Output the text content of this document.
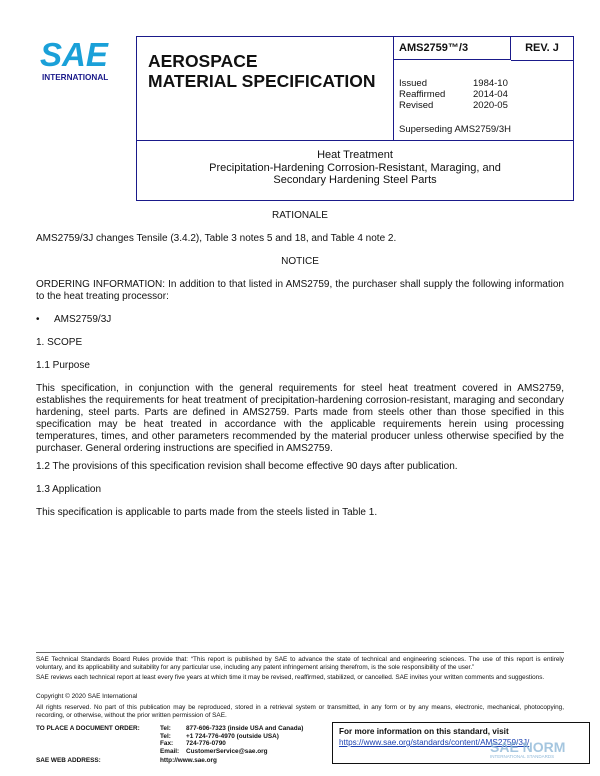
SAE
INTERNATIONAL
AEROSPACE
MATERIAL SPECIFICATION
AMS2759™/3	REV. J
Issued	1984-10
Reaffirmed	2014-04
Revised	2020-05
Superseding AMS2759/3H
Heat Treatment
Precipitation-Hardening Corrosion-Resistant, Maraging, and
Secondary Hardening Steel Parts
RATIONALE
AMS2759/3J changes Tensile (3.4.2), Table 3 notes 5 and 18, and Table 4 note 2.
NOTICE
ORDERING INFORMATION: In addition to that listed in AMS2759, the purchaser shall supply the following information to the heat treating processor:
• AMS2759/3J
1. SCOPE
1.1 Purpose
This specification, in conjunction with the general requirements for steel heat treatment covered in AMS2759, establishes the requirements for heat treatment of precipitation-hardening corrosion-resistant, maraging and secondary hardening, steel parts. Parts are defined in AMS2759. Parts made from steels other than those specified in this specification may be heat treated in accordance with the applicable requirements herein using processing temperatures, times, and other parameters recommended by the material producer unless otherwise specified by the purchaser. General ordering instructions are specified in AMS2759.
1.2 The provisions of this specification revision shall become effective 90 days after publication.
1.3 Application
This specification is applicable to parts made from the steels listed in Table 1.
SAE Technical Standards Board Rules provide that: “This report is published by SAE to advance the state of technical and engineering sciences. The use of this report is entirely voluntary, and its applicability and suitability for any particular use, including any patent infringement arising therefrom, is the sole responsibility of the user.”
SAE reviews each technical report at least every five years at which time it may be revised, reaffirmed, stabilized, or cancelled. SAE invites your written comments and suggestions.
Copyright © 2020 SAE International
All rights reserved. No part of this publication may be reproduced, stored in a retrieval system or transmitted, in any form or by any means, electronic, mechanical, photocopying, recording, or otherwise, without the prior written permission of SAE.
TO PLACE A DOCUMENT ORDER:	Tel:	877-606-7323 (inside USA and Canada)
Tel:	+1 724-776-4970 (outside USA)
Fax:	724-776-0790
Email:	CustomerService@sae.org
SAE WEB ADDRESS:	http://www.sae.org
For more information on this standard, visit
https://www.sae.org/standards/content/AMS2759/3J/
SAE NORM
INTERNATIONAL STANDARDS
